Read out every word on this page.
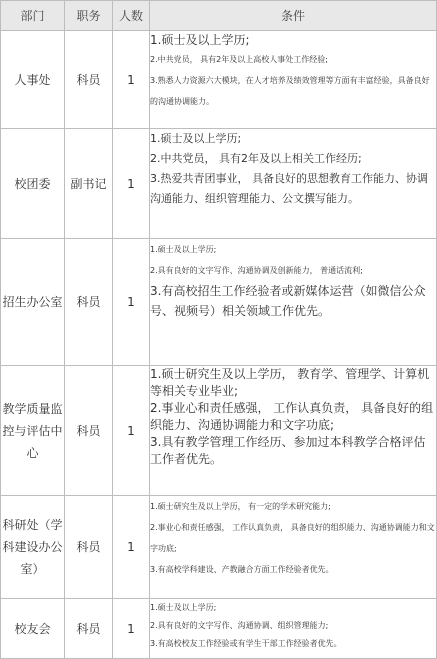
部门	职务	人数	条件
人事处	科员	1	1.硕士及以上学历;

2.中共党员， 具有2年及以上高校人事处工作经验;

3.熟悉人力资源六大模块，在人才培养及绩效管理等方面有丰富经验，具备良好的沟通协调能力。

校团委	副书记	1	1.硕士及以上学历;

2.中共党员， 具有2年及以上相关工作经历;

3.热爱共青团事业， 具备良好的思想教育工作能力、协调沟通能力、组织管理能力、公文撰写能力。

招生办公室	科员	1	1.硕士及以上学历;

2.具有良好的文字写作、沟通协调及创新能力， 普通话流利;

3.有高校招生工作经验者或新媒体运营（如微信公众号、视频号）相关领域工作优先。

教学质量监控与评估中心	科员	1	1.硕士研究生及以上学历， 教育学、管理学、计算机等相关专业毕业;

2.事业心和责任感强， 工作认真负责， 具备良好的组织能力、沟通协调能力和文字功底;

3.具有教学管理工作经历、参加过本科教学合格评估工作者优先。

科研处（学科建设办公室）	科员	1	1.硕士研究生及以上学历， 有一定的学术研究能力;

2.事业心和责任感强， 工作认真负责， 具备良好的组织能力、沟通协调能力和文字功底;

3.有高校学科建设、产教融合方面工作经验者优先。

校友会	科员	1	1.硕士及以上学历;

2.具有良好的文字写作、沟通协调、组织管理能力;

3.有高校校友工作经验或有学生干部工作经验者优先。
